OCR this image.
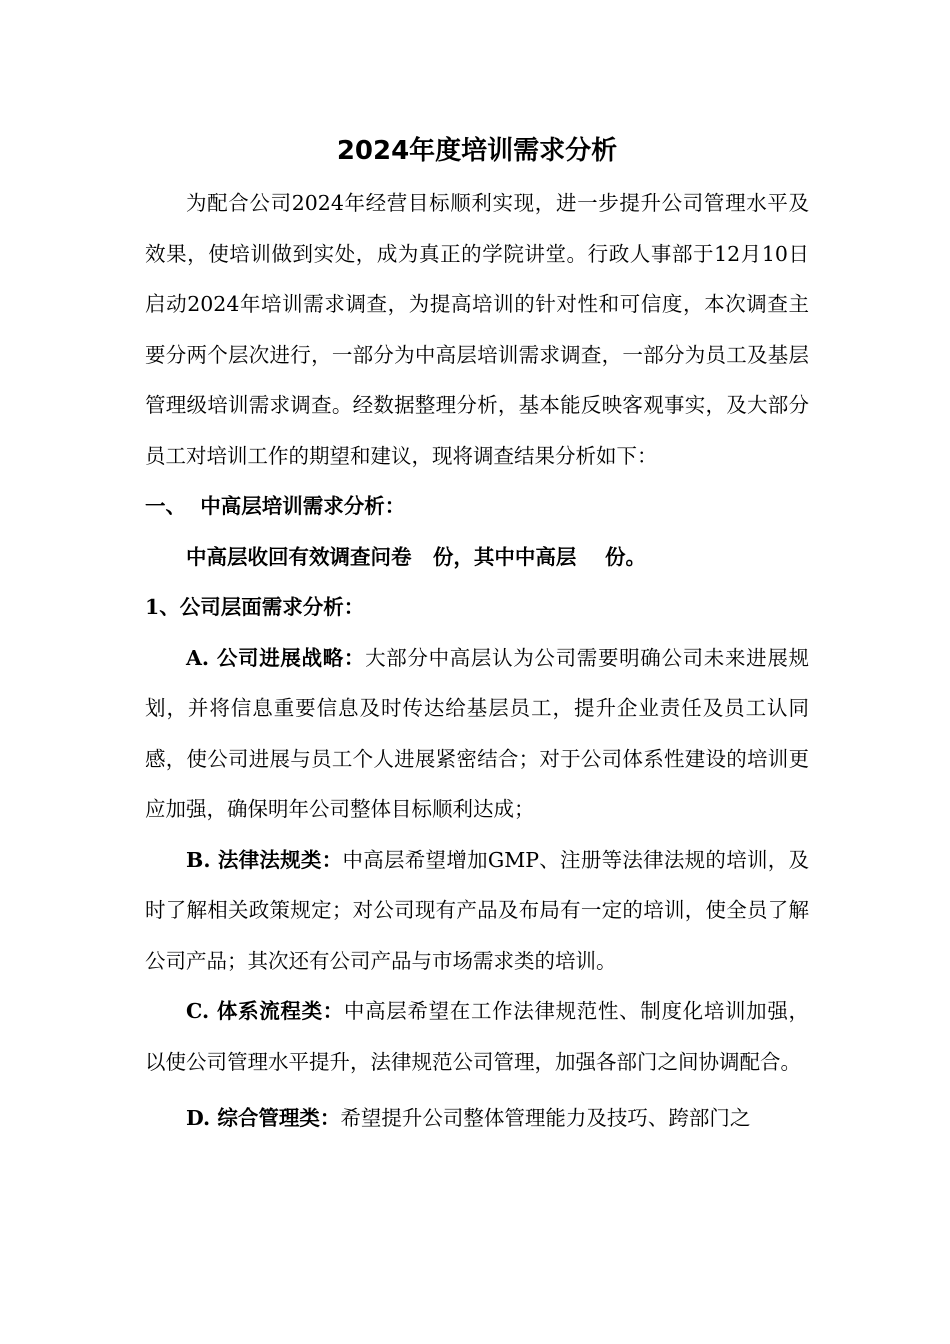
2024年度培训需求分析

为配合公司2024年经营目标顺利实现，进一步提升公司管理水平及效果，使培训做到实处，成为真正的学院讲堂。行政人事部于12月10日启动2024年培训需求调查，为提高培训的针对性和可信度，本次调查主要分两个层次进行，一部分为中高层培训需求调查，一部分为员工及基层管理级培训需求调查。经数据整理分析，基本能反映客观事实，及大部分员工对培训工作的期望和建议，现将调查结果分析如下：

一、  中高层培训需求分析：

中高层收回有效调查问卷   份，其中中高层    份。

1、公司层面需求分析：

A. 公司进展战略：大部分中高层认为公司需要明确公司未来进展规划，并将信息重要信息及时传达给基层员工，提升企业责任及员工认同感，使公司进展与员工个人进展紧密结合；对于公司体系性建设的培训更应加强，确保明年公司整体目标顺利达成；

B. 法律法规类：中高层希望增加GMP、注册等法律法规的培训，及时了解相关政策规定；对公司现有产品及布局有一定的培训，使全员了解公司产品；其次还有公司产品与市场需求类的培训。

C. 体系流程类：中高层希望在工作法律规范性、制度化培训加强，以使公司管理水平提升，法律规范公司管理，加强各部门之间协调配合。

D. 综合管理类：希望提升公司整体管理能力及技巧、跨部门之
